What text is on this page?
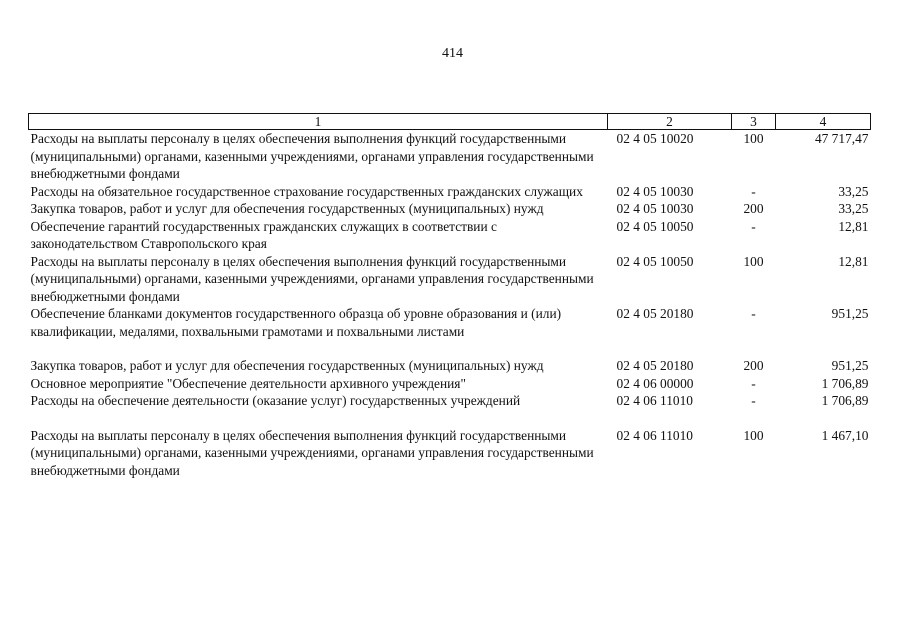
414
1	2	3	4
Расходы на выплаты персоналу в целях обеспечения выполнения функций государственными (муниципальными) органами, казенными учреждениями, органами управления государственными внебюджетными фондами	02 4 05 10020	100	47 717,47
Расходы на обязательное государственное страхование государственных гражданских служащих	02 4 05 10030	-	33,25
Закупка товаров, работ и услуг для обеспечения государственных (муниципальных) нужд	02 4 05 10030	200	33,25
Обеспечение гарантий государственных гражданских служащих в соответствии с законодательством Ставропольского края	02 4 05 10050	-	12,81
Расходы на выплаты персоналу в целях обеспечения выполнения функций государственными (муниципальными) органами, казенными учреждениями, органами управления государственными внебюджетными фондами	02 4 05 10050	100	12,81
Обеспечение бланками документов государственного образца об уровне образования и (или) квалификации, медалями, похвальными грамотами и похвальными листами	02 4 05 20180	-	951,25
Закупка товаров, работ и услуг для обеспечения государственных (муниципальных) нужд	02 4 05 20180	200	951,25
Основное мероприятие "Обеспечение деятельности архивного учреждения"	02 4 06 00000	-	1 706,89
Расходы на обеспечение деятельности (оказание услуг) государственных учреждений	02 4 06 11010	-	1 706,89
Расходы на выплаты персоналу в целях обеспечения выполнения функций государственными (муниципальными) органами, казенными учреждениями, органами управления государственными внебюджетными фондами	02 4 06 11010	100	1 467,10
